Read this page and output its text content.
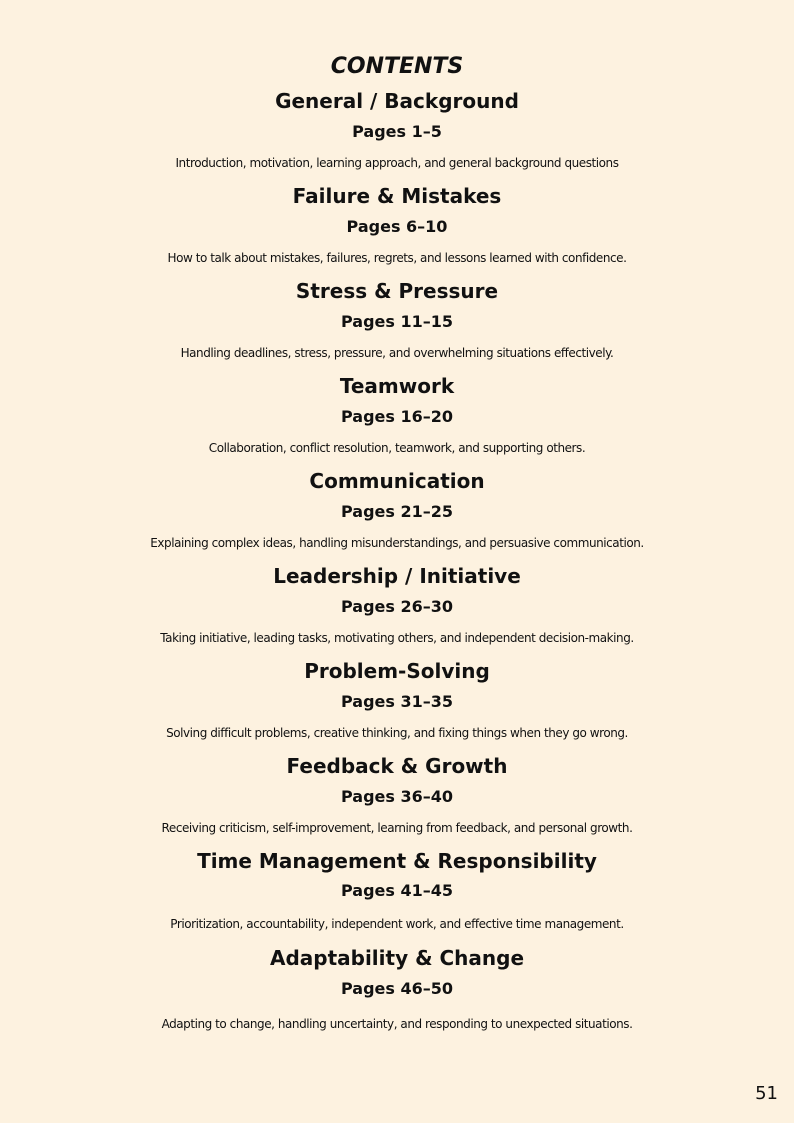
CONTENTS
General / Background
Pages 1–5
Introduction, motivation, learning approach, and general background questions
Failure & Mistakes
Pages 6–10
How to talk about mistakes, failures, regrets, and lessons learned with confidence.
Stress & Pressure
Pages 11–15
Handling deadlines, stress, pressure, and overwhelming situations effectively.
Teamwork
Pages 16–20
Collaboration, conflict resolution, teamwork, and supporting others.
Communication
Pages 21–25
Explaining complex ideas, handling misunderstandings, and persuasive communication.
Leadership / Initiative
Pages 26–30
Taking initiative, leading tasks, motivating others, and independent decision-making.
Problem-Solving
Pages 31–35
Solving difficult problems, creative thinking, and fixing things when they go wrong.
Feedback & Growth
Pages 36–40
Receiving criticism, self-improvement, learning from feedback, and personal growth.
Time Management & Responsibility
Pages 41–45
Prioritization, accountability, independent work, and effective time management.
Adaptability & Change
Pages 46–50
Adapting to change, handling uncertainty, and responding to unexpected situations.
51
